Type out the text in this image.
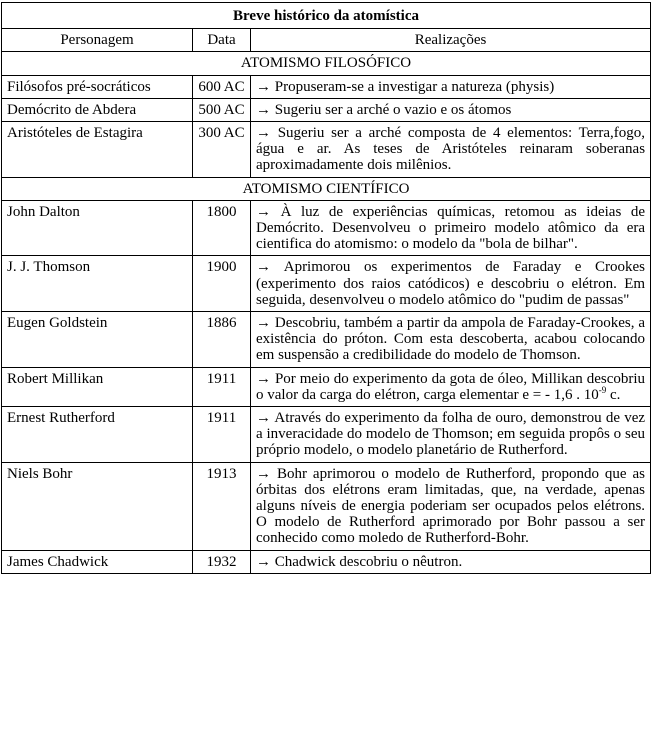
Breve histórico da atomística		
Personagem	Data	Realizações
ATOMISMO FILOSÓFICO		
Filósofos pré-socráticos	600 AC	→ Propuseram-se a investigar a natureza (physis)
Demócrito de Abdera	500 AC	→ Sugeriu ser a arché o vazio e os átomos
Aristóteles de Estagira	300 AC	→ Sugeriu ser a arché composta de 4 elementos: Terra,fogo, água e ar. As teses de Aristóteles reinaram soberanas aproximadamente dois milênios.
ATOMISMO CIENTÍFICO		
John Dalton	1800	→ À luz de experiências químicas, retomou as ideias de Demócrito. Desenvolveu o primeiro modelo atômico da era cientifica do atomismo: o modelo da "bola de bilhar".
J. J. Thomson	1900	→ Aprimorou os experimentos de Faraday e Crookes (experimento dos raios catódicos) e descobriu o elétron. Em seguida, desenvolveu o modelo atômico do "pudim de passas"
Eugen Goldstein	1886	→ Descobriu, também a partir da ampola de Faraday-Crookes, a existência do próton. Com esta descoberta, acabou colocando em suspensão a credibilidade do modelo de Thomson.
Robert Millikan	1911	→ Por meio do experimento da gota de óleo, Millikan descobriu o valor da carga do elétron, carga elementar e = - 1,6 . $10^{-9}$ c.
Ernest Rutherford	1911	→ Através do experimento da folha de ouro, demonstrou de vez a inveracidade do modelo de Thomson; em seguida propôs o seu próprio modelo, o modelo planetário de Rutherford.
Niels Bohr	1913	→ Bohr aprimorou o modelo de Rutherford, propondo que as órbitas dos elétrons eram limitadas, que, na verdade, apenas alguns níveis de energia poderiam ser ocupados pelos elétrons. O modelo de Rutherford aprimorado por Bohr passou a ser conhecido como moledo de Rutherford-Bohr.
James Chadwick	1932	→ Chadwick descobriu o nêutron.
